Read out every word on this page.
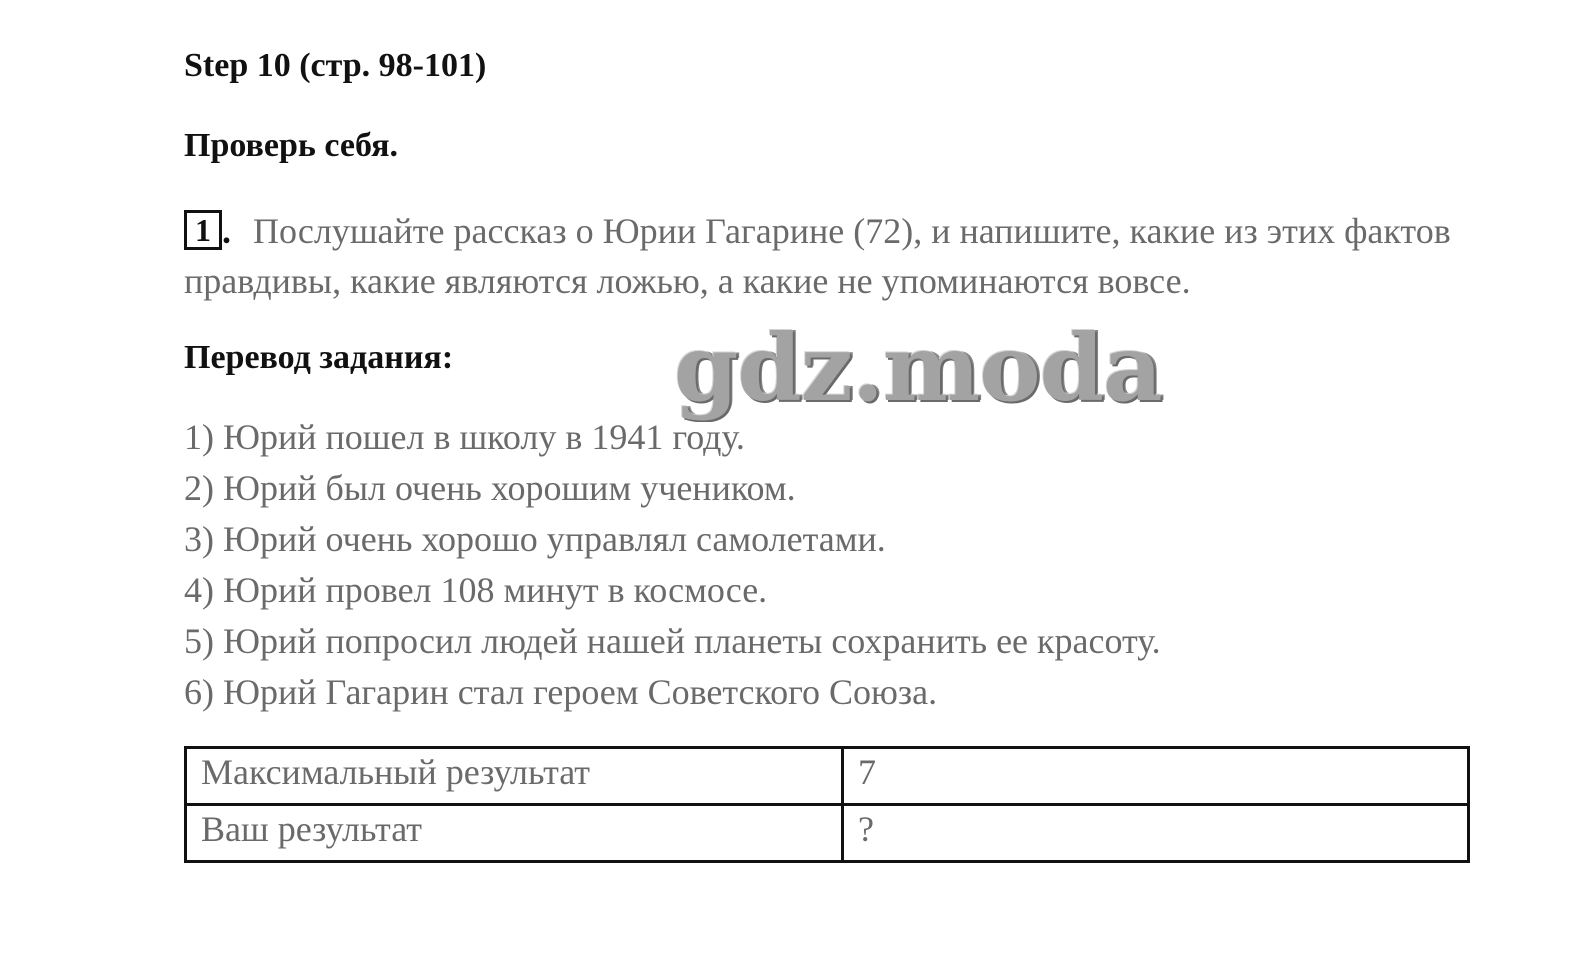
Step 10 (стр. 98-101)
Проверь себя.
1 . Послушайте рассказ о Юрии Гагарине (72), и напишите, какие из этих фактов правдивы, какие являются ложью, а какие не упоминаются вовсе.
Перевод задания:
1) Юрий пошел в школу в 1941 году.
2) Юрий был очень хорошим учеником.
3) Юрий очень хорошо управлял самолетами.
4) Юрий провел 108 минут в космосе.
5) Юрий попросил людей нашей планеты сохранить ее красоту.
6) Юрий Гагарин стал героем Советского Союза.
Максимальный результат	7
Ваш результат	?
gdz.moda
